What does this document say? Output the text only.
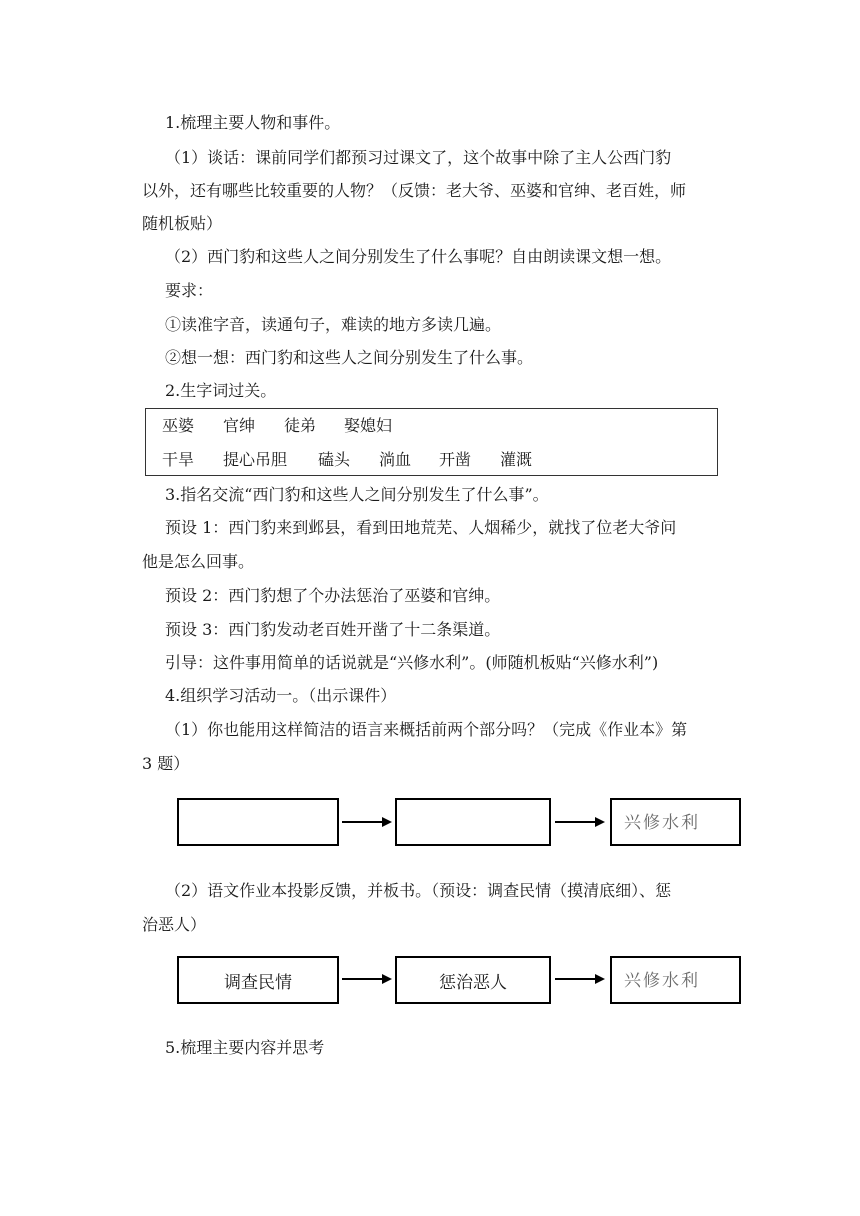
1.梳理主要人物和事件。
（1）谈话：课前同学们都预习过课文了，这个故事中除了主人公西门豹
以外，还有哪些比较重要的人物？（反馈：老大爷、巫婆和官绅、老百姓，师
随机板贴）
（2）西门豹和这些人之间分别发生了什么事呢？自由朗读课文想一想。
要求：
①读准字音，读通句子，难读的地方多读几遍。
②想一想：西门豹和这些人之间分别发生了什么事。
2.生字词过关。
巫婆 官绅 徒弟 娶媳妇
干旱 提心吊胆 磕头 淌血 开凿 灌溉
3.指名交流“西门豹和这些人之间分别发生了什么事”。
预设 1：西门豹来到邺县，看到田地荒芜、人烟稀少，就找了位老大爷问
他是怎么回事。
预设 2：西门豹想了个办法惩治了巫婆和官绅。
预设 3：西门豹发动老百姓开凿了十二条渠道。
引导：这件事用简单的话说就是“兴修水利”。(师随机板贴“兴修水利”)
4.组织学习活动一。（出示课件）
（1）你也能用这样简洁的语言来概括前两个部分吗？（完成《作业本》第
3 题）
兴修水利
（2）语文作业本投影反馈，并板书。（预设：调查民情（摸清底细）、惩
治恶人）
调查民情	惩治恶人	兴修水利
5.梳理主要内容并思考
